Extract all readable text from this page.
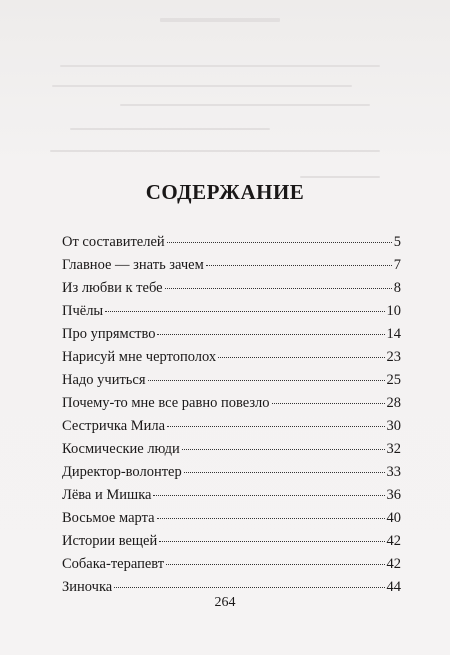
СОДЕРЖАНИЕ
От составителей	5
Главное — знать зачем	7
Из любви к тебе	8
Пчёлы	10
Про упрямство	14
Нарисуй мне чертополох	23
Надо учиться	25
Почему-то мне все равно повезло	28
Сестричка Мила	30
Космические люди	32
Директор-волонтер	33
Лёва и Мишка	36
Восьмое марта	40
Истории вещей	42
Собака-терапевт	42
Зиночка	44
264
